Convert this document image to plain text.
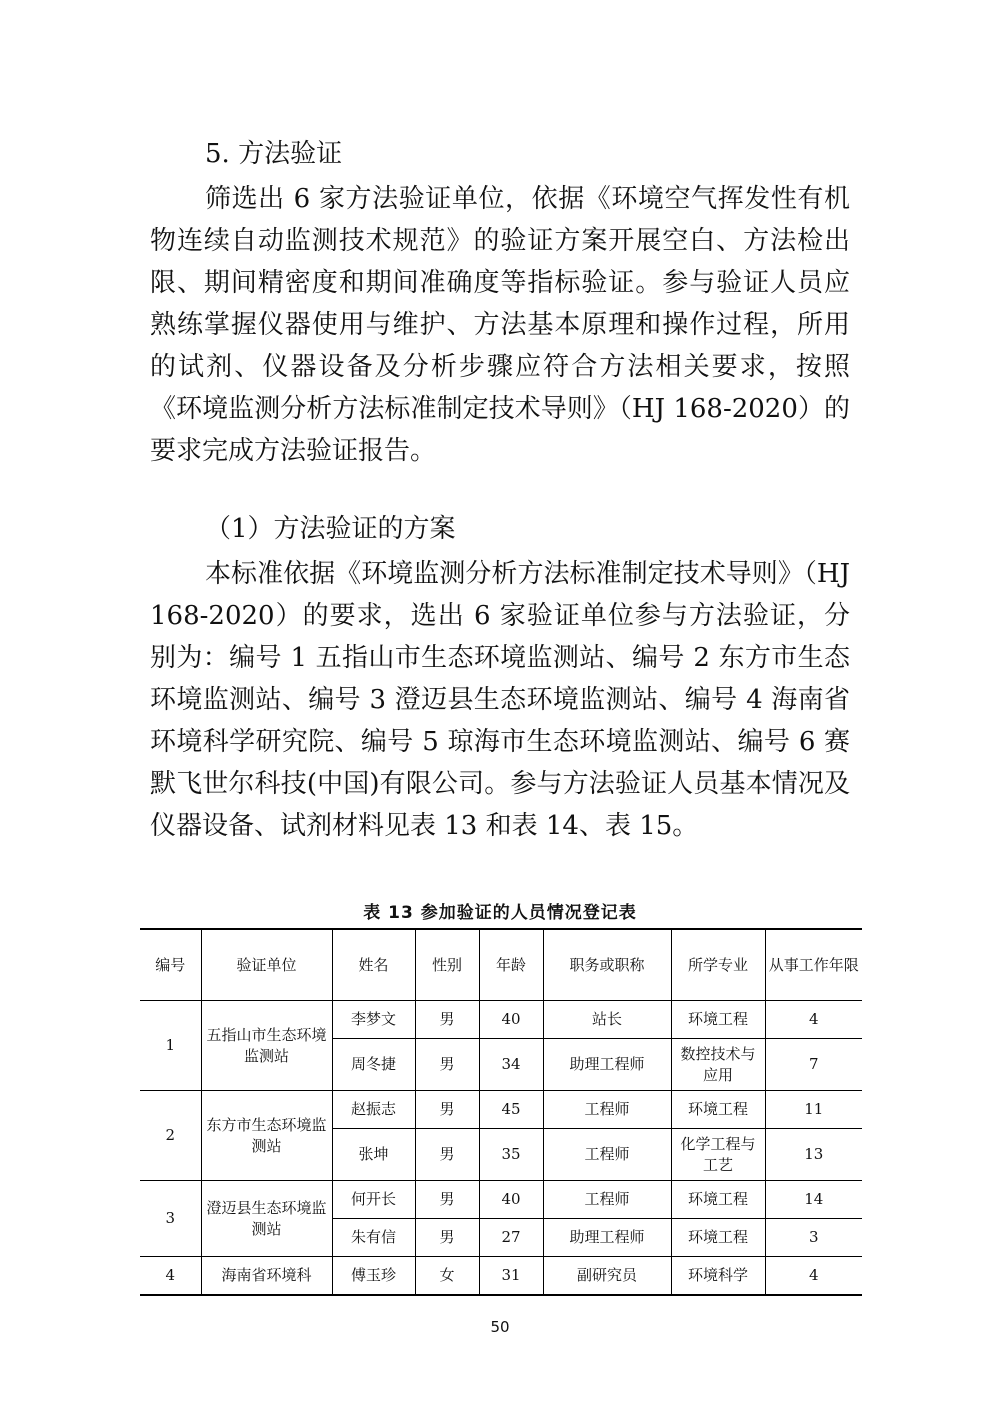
5. 方法验证

筛选出 6 家方法验证单位，依据《环境空气挥发性有机物连续自动监测技术规范》的验证方案开展空白、方法检出限、期间精密度和期间准确度等指标验证。参与验证人员应熟练掌握仪器使用与维护、方法基本原理和操作过程，所用的试剂、仪器设备及分析步骤应符合方法相关要求，按照《环境监测分析方法标准制定技术导则》（HJ 168-2020）的要求完成方法验证报告。

（1）方法验证的方案

本标准依据《环境监测分析方法标准制定技术导则》（HJ 168-2020）的要求，选出 6 家验证单位参与方法验证，分别为：编号 1 五指山市生态环境监测站、编号 2 东方市生态环境监测站、编号 3 澄迈县生态环境监测站、编号 4 海南省环境科学研究院、编号 5 琼海市生态环境监测站、编号 6 赛默飞世尔科技(中国)有限公司。参与方法验证人员基本情况及仪器设备、试剂材料见表 13 和表 14、表 15。

表 13 参加验证的人员情况登记表
编号	验证单位	姓名	性别	年龄	职务或职称	所学专业	从事工作年限
1	五指山市生态环境监测站	李梦文	男	40	站长	环境工程	4
		周冬捷	男	34	助理工程师	数控技术与应用	7
2	东方市生态环境监测站	赵振志	男	45	工程师	环境工程	11
		张坤	男	35	工程师	化学工程与工艺	13
3	澄迈县生态环境监测站	何开长	男	40	工程师	环境工程	14
		朱有信	男	27	助理工程师	环境工程	3
4	海南省环境科	傅玉珍	女	31	副研究员	环境科学	4
50
